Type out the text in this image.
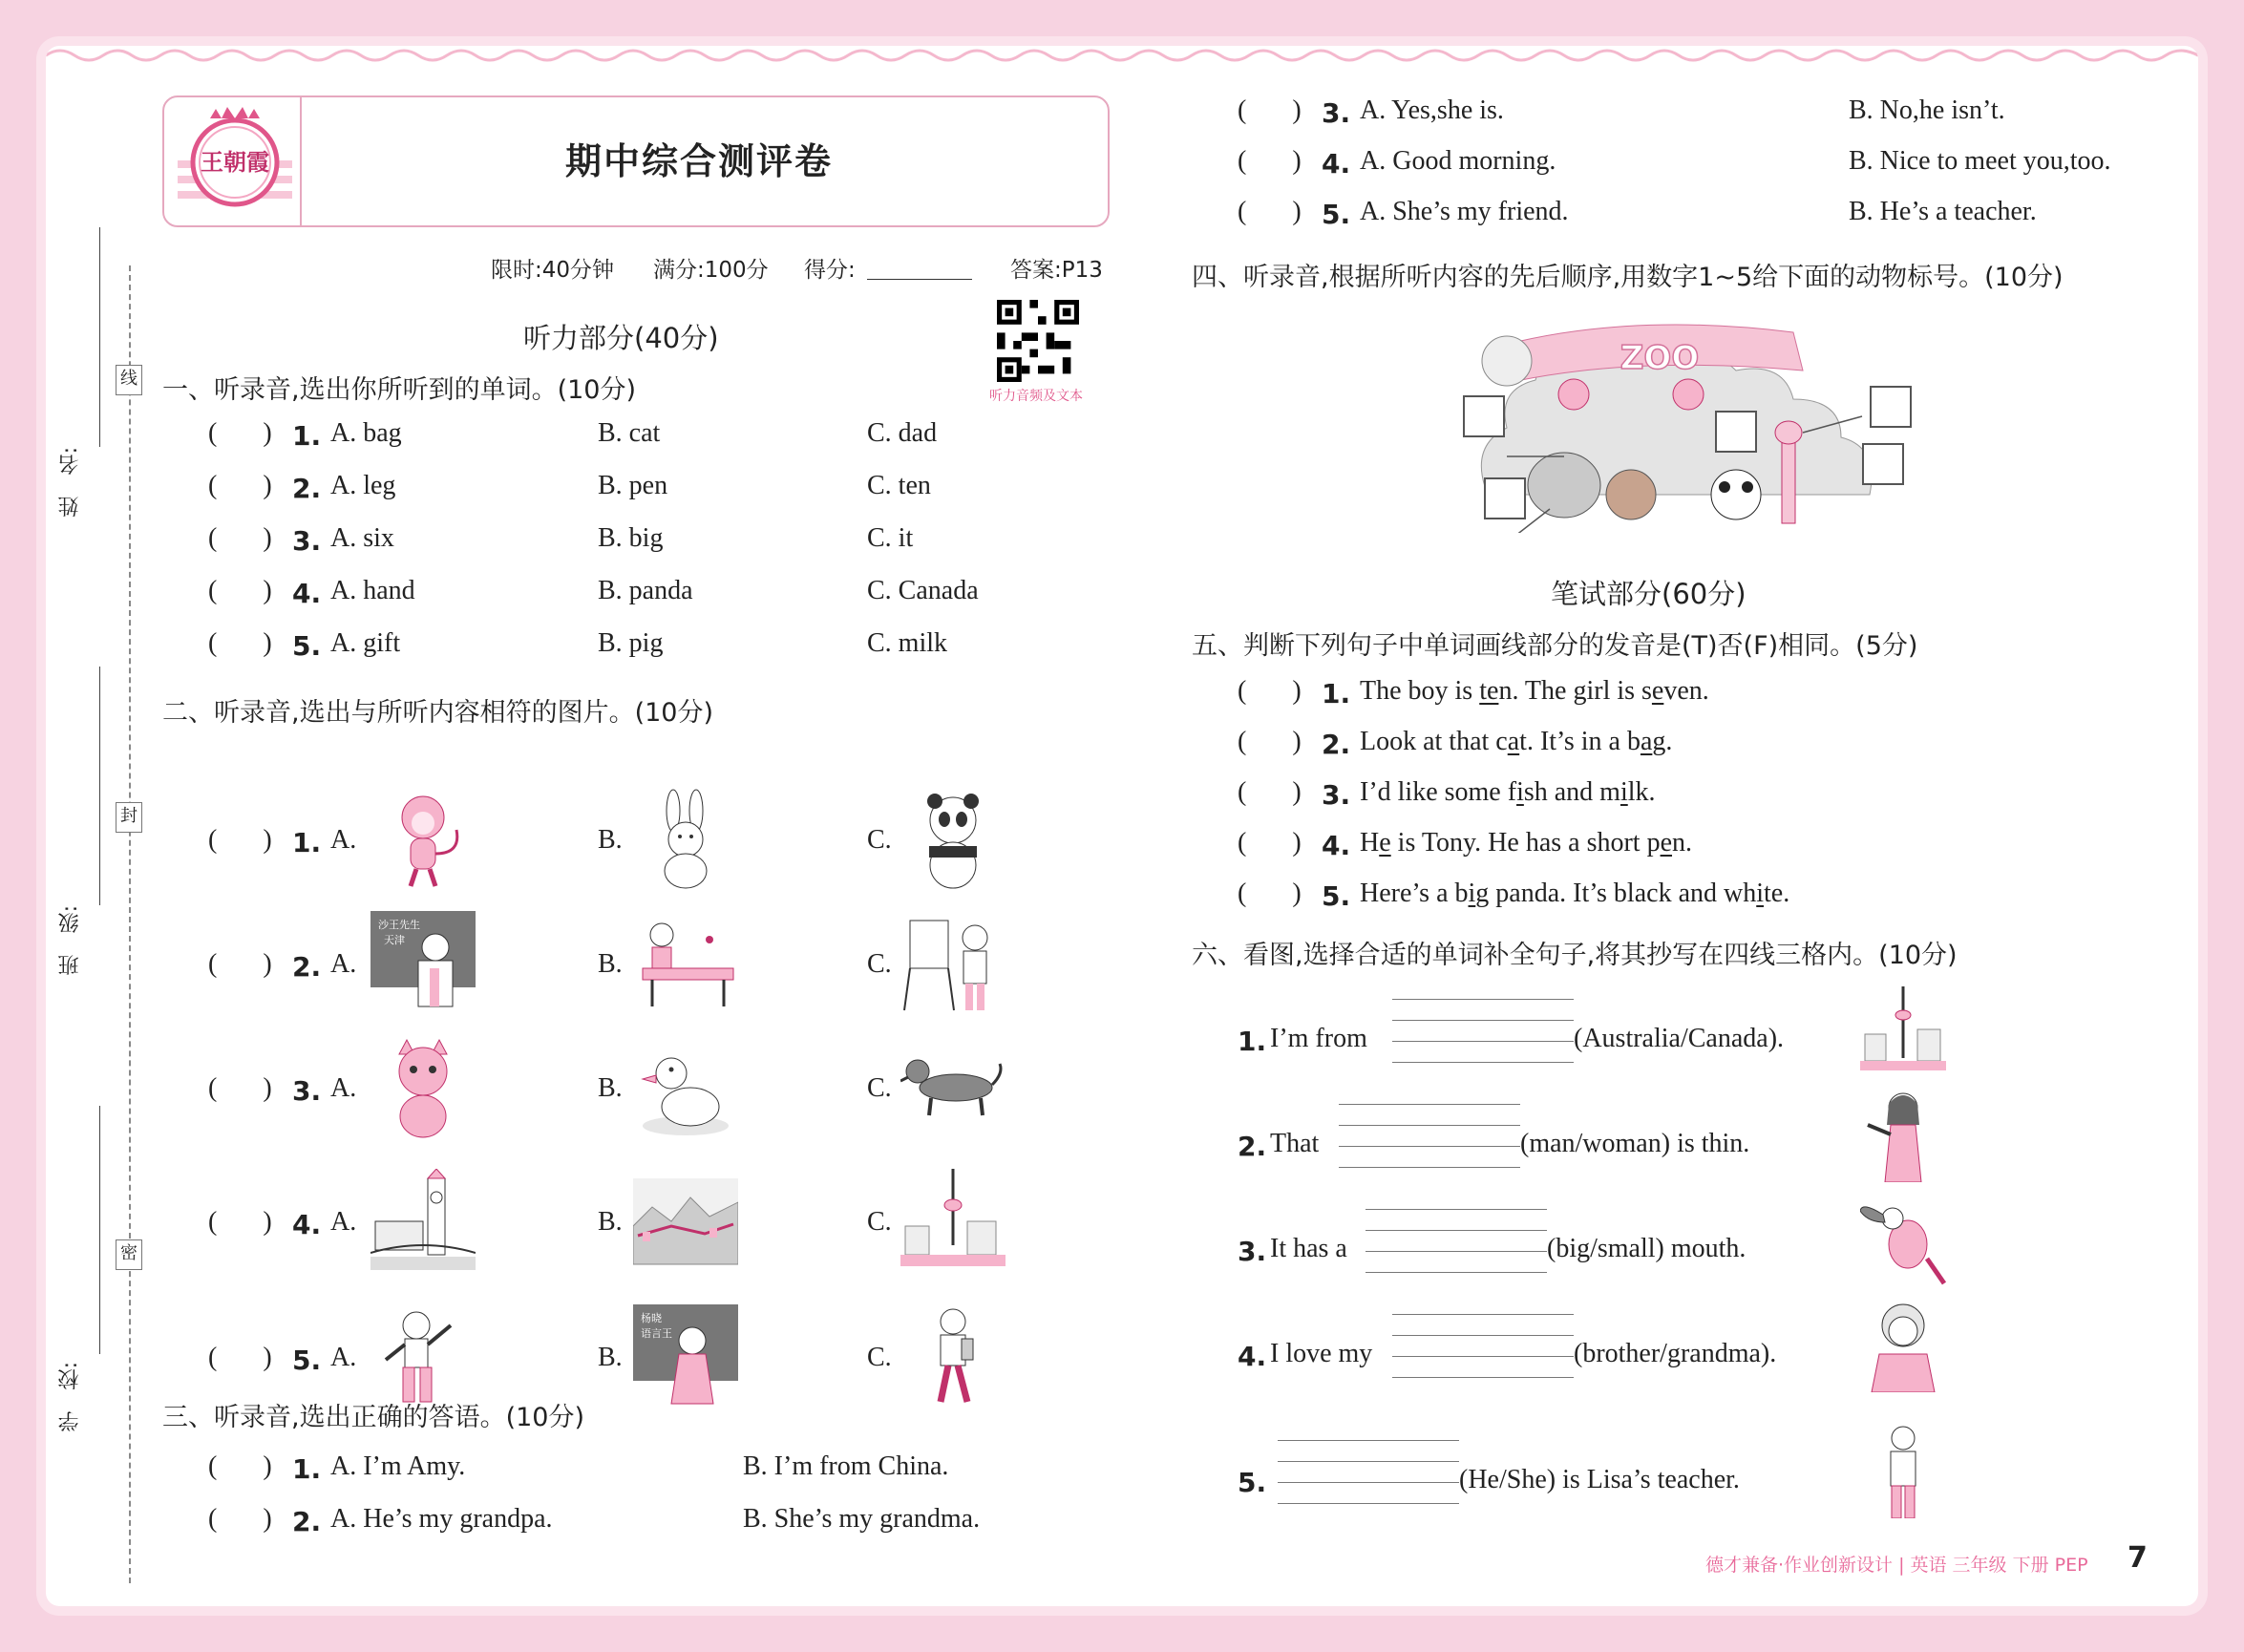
线
封
密
姓　名:
班　级:
学　校:
王朝霞	期中综合测评卷
限时:40分钟 满分:100分 得分:	答案:P13
听力音频及文本
听力部分(40分)
一、听录音,选出你所听到的单词。(10分)
( ) 1. A. bag	B. cat	C. dad
( ) 2. A. leg	B. pen	C. ten
( ) 3. A. six	B. big	C. it
( ) 4. A. hand	B. panda	C. Canada
( ) 5. A. gift	B. pig	C. milk
二、听录音,选出与所听内容相符的图片。(10分)
( ) 1. A.	B.	C.
( ) 2. A.	B.	C.
沙王先生
天津
( ) 3. A.	B.	C.
( ) 4. A.	B.	C.
( ) 5. A.	B.	C.
杨晓
语言王
三、听录音,选出正确的答语。(10分)
( ) 1. A. I’m Amy.	B. I’m from China.
( ) 2. A. He’s my grandpa.	B. She’s my grandma.
( ) 3. A. Yes,she is.	B. No,he isn’t.
( ) 4. A. Good morning.	B. Nice to meet you,too.
( ) 5. A. She’s my friend.	B. He’s a teacher.
四、听录音,根据所听内容的先后顺序,用数字1~5给下面的动物标号。(10分)
ZOO
笔试部分(60分)
五、判断下列句子中单词画线部分的发音是(T)否(F)相同。(5分)
( ) 1. The boy is ten. The girl is seven.
( ) 2. Look at that cat. It’s in a bag.
( ) 3. I’d like some fish and milk.
( ) 4. He is Tony. He has a short pen.
( ) 5. Here’s a big panda. It’s black and white.
六、看图,选择合适的单词补全句子,将其抄写在四线三格内。(10分)
1. I’m from	(Australia/Canada).
2. That	(man/woman) is thin.
3. It has a	(big/small) mouth.
4. I love my	(brother/grandma).
5.	(He/She) is Lisa’s teacher.
德才兼备·作业创新设计 | 英语 三年级 下册 PEP 7
